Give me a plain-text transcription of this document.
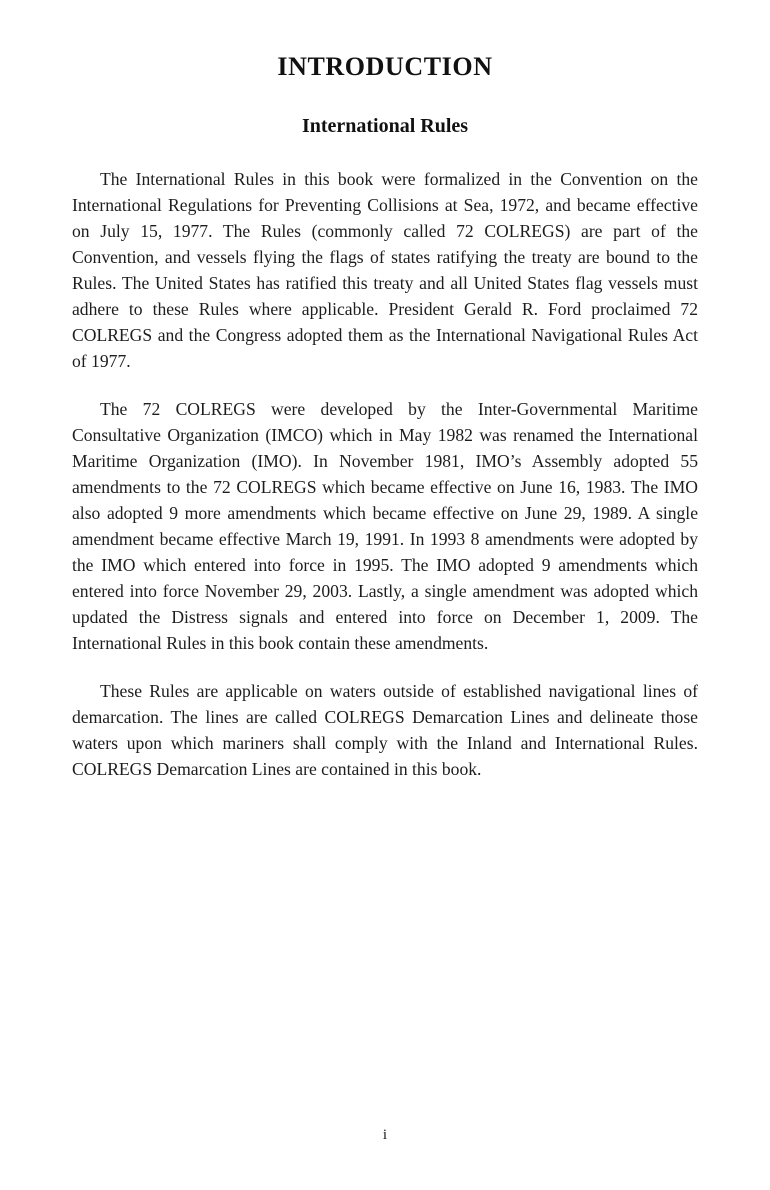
INTRODUCTION
International Rules

The International Rules in this book were formalized in the Convention on the International Regulations for Preventing Collisions at Sea, 1972, and became effective on July 15, 1977. The Rules (commonly called 72 COLREGS) are part of the Convention, and vessels flying the flags of states ratifying the treaty are bound to the Rules. The United States has ratified this treaty and all United States flag vessels must adhere to these Rules where applicable. President Gerald R. Ford proclaimed 72 COLREGS and the Congress adopted them as the International Navigational Rules Act of 1977.

The 72 COLREGS were developed by the Inter-Governmental Maritime Consultative Organization (IMCO) which in May 1982 was renamed the International Maritime Organization (IMO). In November 1981, IMO’s Assembly adopted 55 amendments to the 72 COLREGS which became effective on June 16, 1983. The IMO also adopted 9 more amendments which became effective on June 29, 1989. A single amendment became effective March 19, 1991. In 1993 8 amendments were adopted by the IMO which entered into force in 1995. The IMO adopted 9 amendments which entered into force November 29, 2003. Lastly, a single amendment was adopted which updated the Distress signals and entered into force on December 1, 2009. The International Rules in this book contain these amendments.

These Rules are applicable on waters outside of established navigational lines of demarcation. The lines are called COLREGS Demarcation Lines and delineate those waters upon which mariners shall comply with the Inland and International Rules. COLREGS Demarcation Lines are contained in this book.

i
